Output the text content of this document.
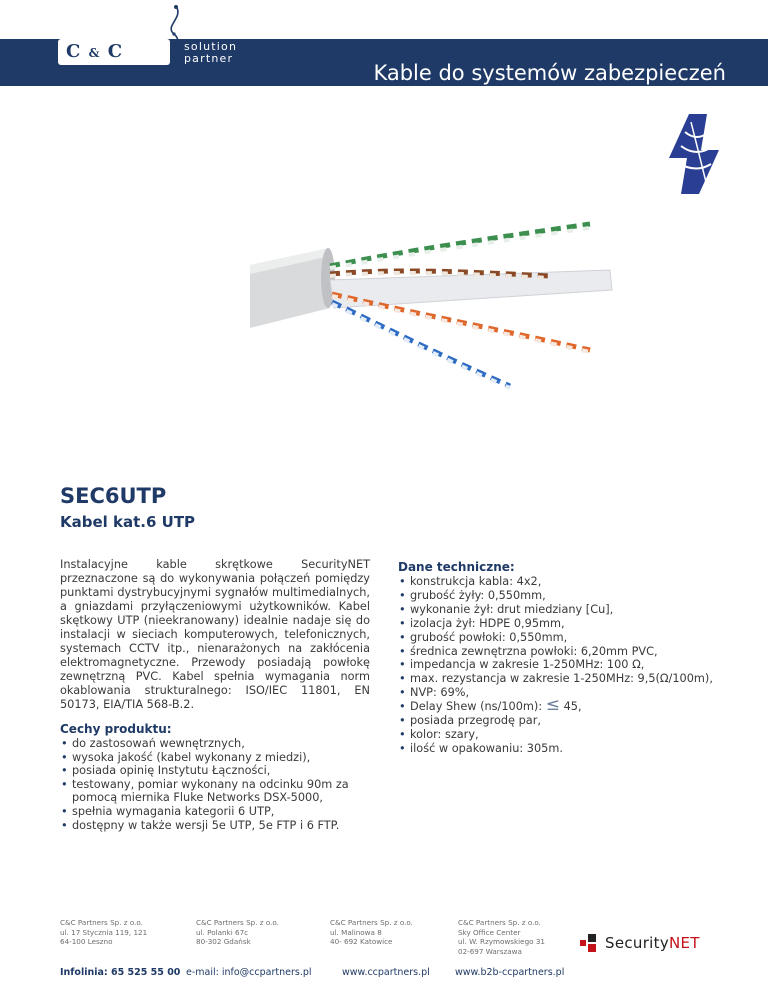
C & C	solution
partner
Kable do systemów zabezpieczeń
SEC6UTP
Kabel kat.6 UTP

Instalacyjne kable skrętkowe SecurityNET przeznaczone są do wykonywania połączeń pomiędzy punktami dystrybucyjnymi sygnałów multimedialnych, a gniazdami przyłączeniowymi użytkowników. Kabel skętkowy UTP (nieekranowany) idealnie nadaje się do instalacji w sieciach komputerowych, telefonicznych, systemach CCTV itp., nienarażonych na zakłócenia elektromagnetyczne. Przewody posiadają powłokę zewnętrzną PVC. Kabel spełnia wymagania norm okablowania strukturalnego: ISO/IEC 11801, EN 50173, EIA/TIA 568-B.2.

Cechy produktu:
• do zastosowań wewnętrznych,
• wysoka jakość (kabel wykonany z miedzi),
• posiada opinię Instytutu Łączności,
• testowany, pomiar wykonany na odcinku 90m za pomocą miernika Fluke Networks DSX-5000,
• spełnia wymagania kategorii 6 UTP,
• dostępny w także wersji 5e UTP, 5e FTP i 6 FTP.
Dane techniczne:
• konstrukcja kabla: 4x2,
• grubość żyły: 0,550mm,
• wykonanie żył: drut miedziany [Cu],
• izolacja żył: HDPE 0,95mm,
• grubość powłoki: 0,550mm,
• średnica zewnętrzna powłoki: 6,20mm PVC,
• impedancja w zakresie 1-250MHz: 100 Ω,
• max. rezystancja w zakresie 1-250MHz: 9,5(Ω/100m),
• NVP: 69%,
• Delay Shew (ns/100m): ≤ 45,
• posiada przegrodę par,
• kolor: szary,
• ilość w opakowaniu: 305m.
C&C Partners Sp. z o.o.
ul. 17 Stycznia 119, 121
64-100 Leszno
C&C Partners Sp. z o.o.
ul. Polanki 67c
80-302 Gdańsk
C&C Partners Sp. z o.o.
ul. Malinowa 8
40- 692 Katowice
C&C Partners Sp. z o.o.
Sky Office Center
ul. W. Rzymowskiego 31
02-697 Warszawa	SecurityNET
Infolinia: 65 525 55 00 e-mail: info@ccpartners.pl	www.ccpartners.pl	www.b2b-ccpartners.pl
